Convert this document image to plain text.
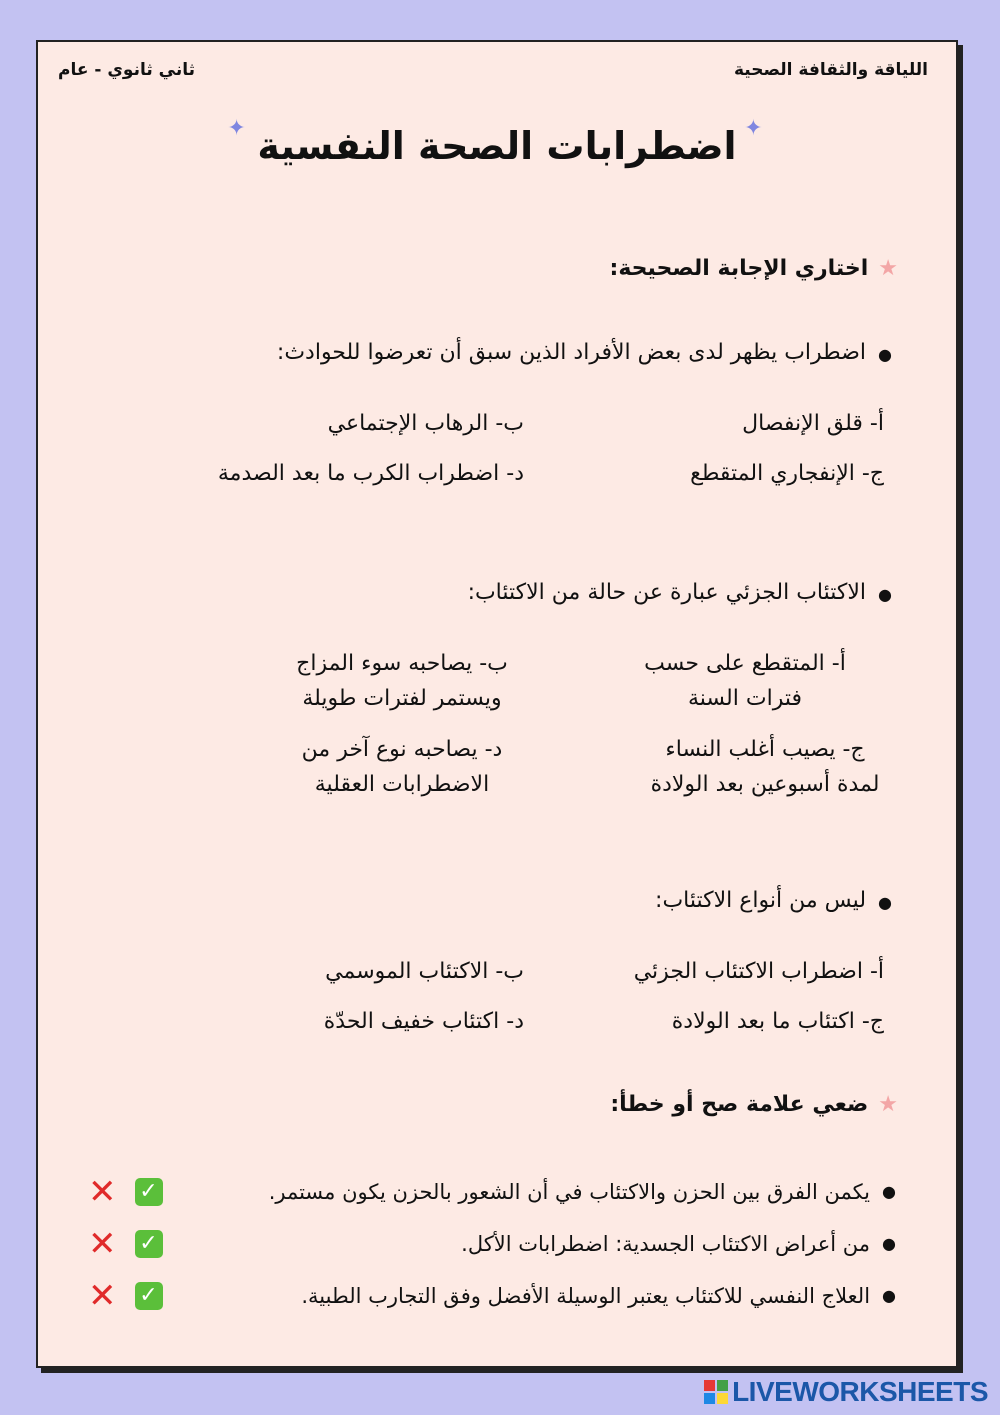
اللياقة والثقافة الصحية
ثاني ثانوي - عام
✦
اضطرابات الصحة النفسية
✦
★
اختاري الإجابة الصحيحة:
●
اضطراب يظهر لدى بعض الأفراد الذين سبق أن تعرضوا للحوادث:
أ- قلق الإنفصال
ب- الرهاب الإجتماعي
ج- الإنفجاري المتقطع
د- اضطراب الكرب ما بعد الصدمة
●
الاكتئاب الجزئي عبارة عن حالة من الاكتئاب:
أ- المتقطع على حسب
فترات السنة
ب- يصاحبه سوء المزاج
ويستمر لفترات طويلة
ج- يصيب أغلب النساء
لمدة أسبوعين بعد الولادة
د- يصاحبه نوع آخر من
الاضطرابات العقلية
●
ليس من أنواع الاكتئاب:
أ- اضطراب الاكتئاب الجزئي
ب- الاكتئاب الموسمي
ج- اكتئاب ما بعد الولادة
د- اكتئاب خفيف الحدّة
★
ضعي علامة صح أو خطأ:
●
يكمن الفرق بين الحزن والاكتئاب في أن الشعور بالحزن يكون مستمر.
✕ ✓
●
من أعراض الاكتئاب الجسدية: اضطرابات الأكل.
✕ ✓
●
العلاج النفسي للاكتئاب يعتبر الوسيلة الأفضل وفق التجارب الطبية.
✕ ✓
LIVEWORKSHEETS
